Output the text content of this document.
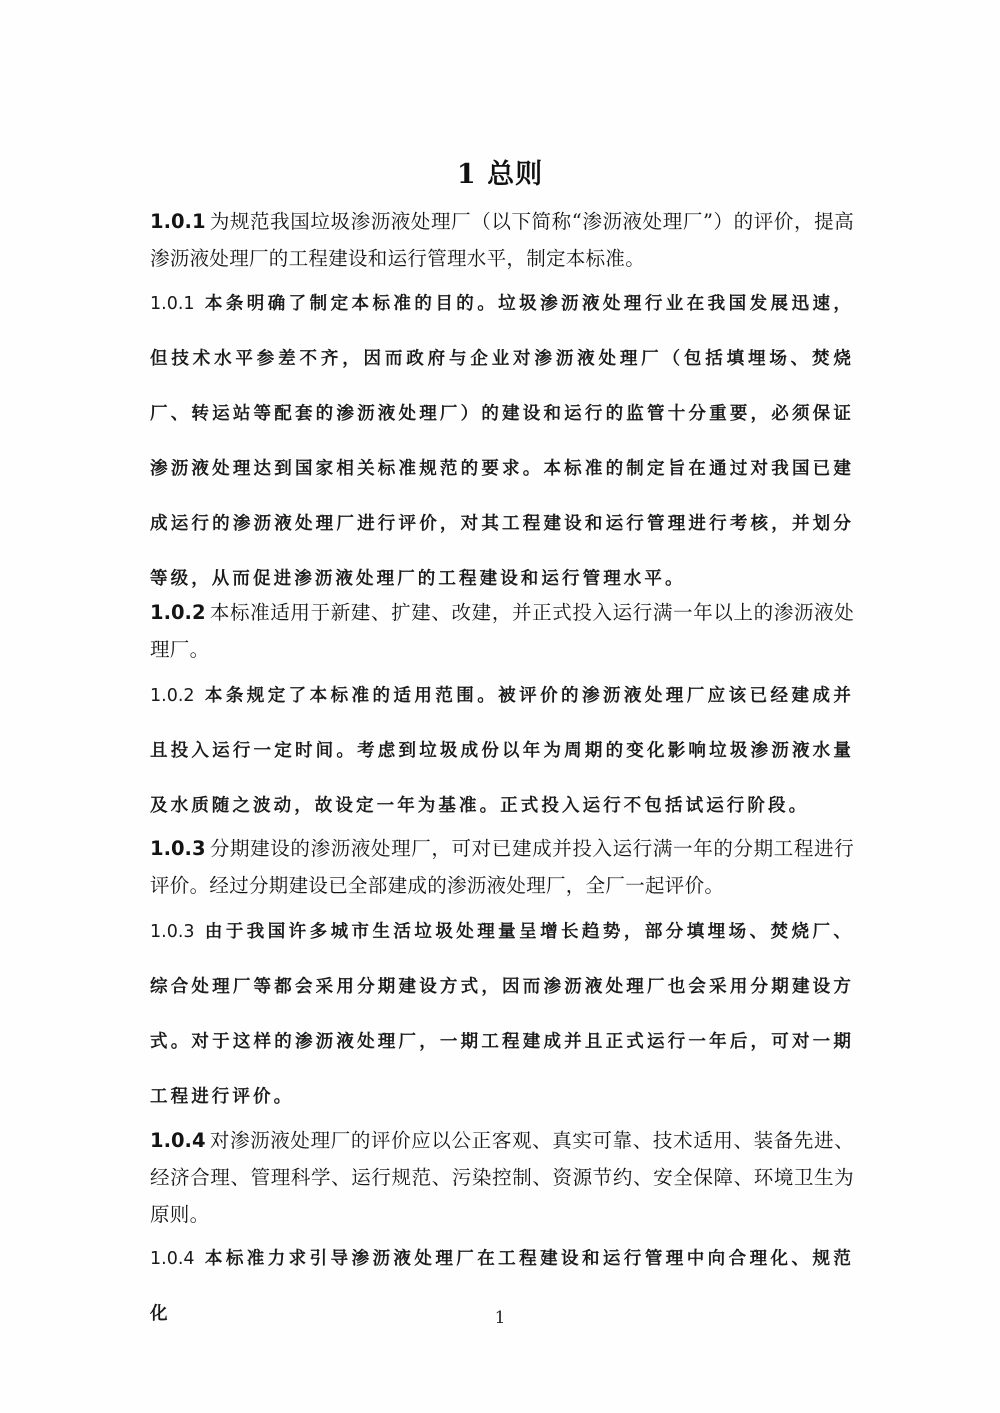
1 总则

1.0.1 为规范我国垃圾渗沥液处理厂（以下简称“渗沥液处理厂”）的评价，提高渗沥液处理厂的工程建设和运行管理水平，制定本标准。

1.0.1 本条明确了制定本标准的目的。垃圾渗沥液处理行业在我国发展迅速，但技术水平参差不齐，因而政府与企业对渗沥液处理厂（包括填埋场、焚烧厂、转运站等配套的渗沥液处理厂）的建设和运行的监管十分重要，必须保证渗沥液处理达到国家相关标准规范的要求。本标准的制定旨在通过对我国已建成运行的渗沥液处理厂进行评价，对其工程建设和运行管理进行考核，并划分等级，从而促进渗沥液处理厂的工程建设和运行管理水平。

1.0.2 本标准适用于新建、扩建、改建，并正式投入运行满一年以上的渗沥液处理厂。

1.0.2 本条规定了本标准的适用范围。被评价的渗沥液处理厂应该已经建成并且投入运行一定时间。考虑到垃圾成份以年为周期的变化影响垃圾渗沥液水量及水质随之波动，故设定一年为基准。正式投入运行不包括试运行阶段。

1.0.3 分期建设的渗沥液处理厂，可对已建成并投入运行满一年的分期工程进行评价。经过分期建设已全部建成的渗沥液处理厂，全厂一起评价。

1.0.3 由于我国许多城市生活垃圾处理量呈增长趋势，部分填埋场、焚烧厂、综合处理厂等都会采用分期建设方式，因而渗沥液处理厂也会采用分期建设方式。对于这样的渗沥液处理厂，一期工程建成并且正式运行一年后，可对一期工程进行评价。

1.0.4 对渗沥液处理厂的评价应以公正客观、真实可靠、技术适用、装备先进、经济合理、管理科学、运行规范、污染控制、资源节约、安全保障、环境卫生为原则。

1.0.4 本标准力求引导渗沥液处理厂在工程建设和运行管理中向合理化、规范化	1
